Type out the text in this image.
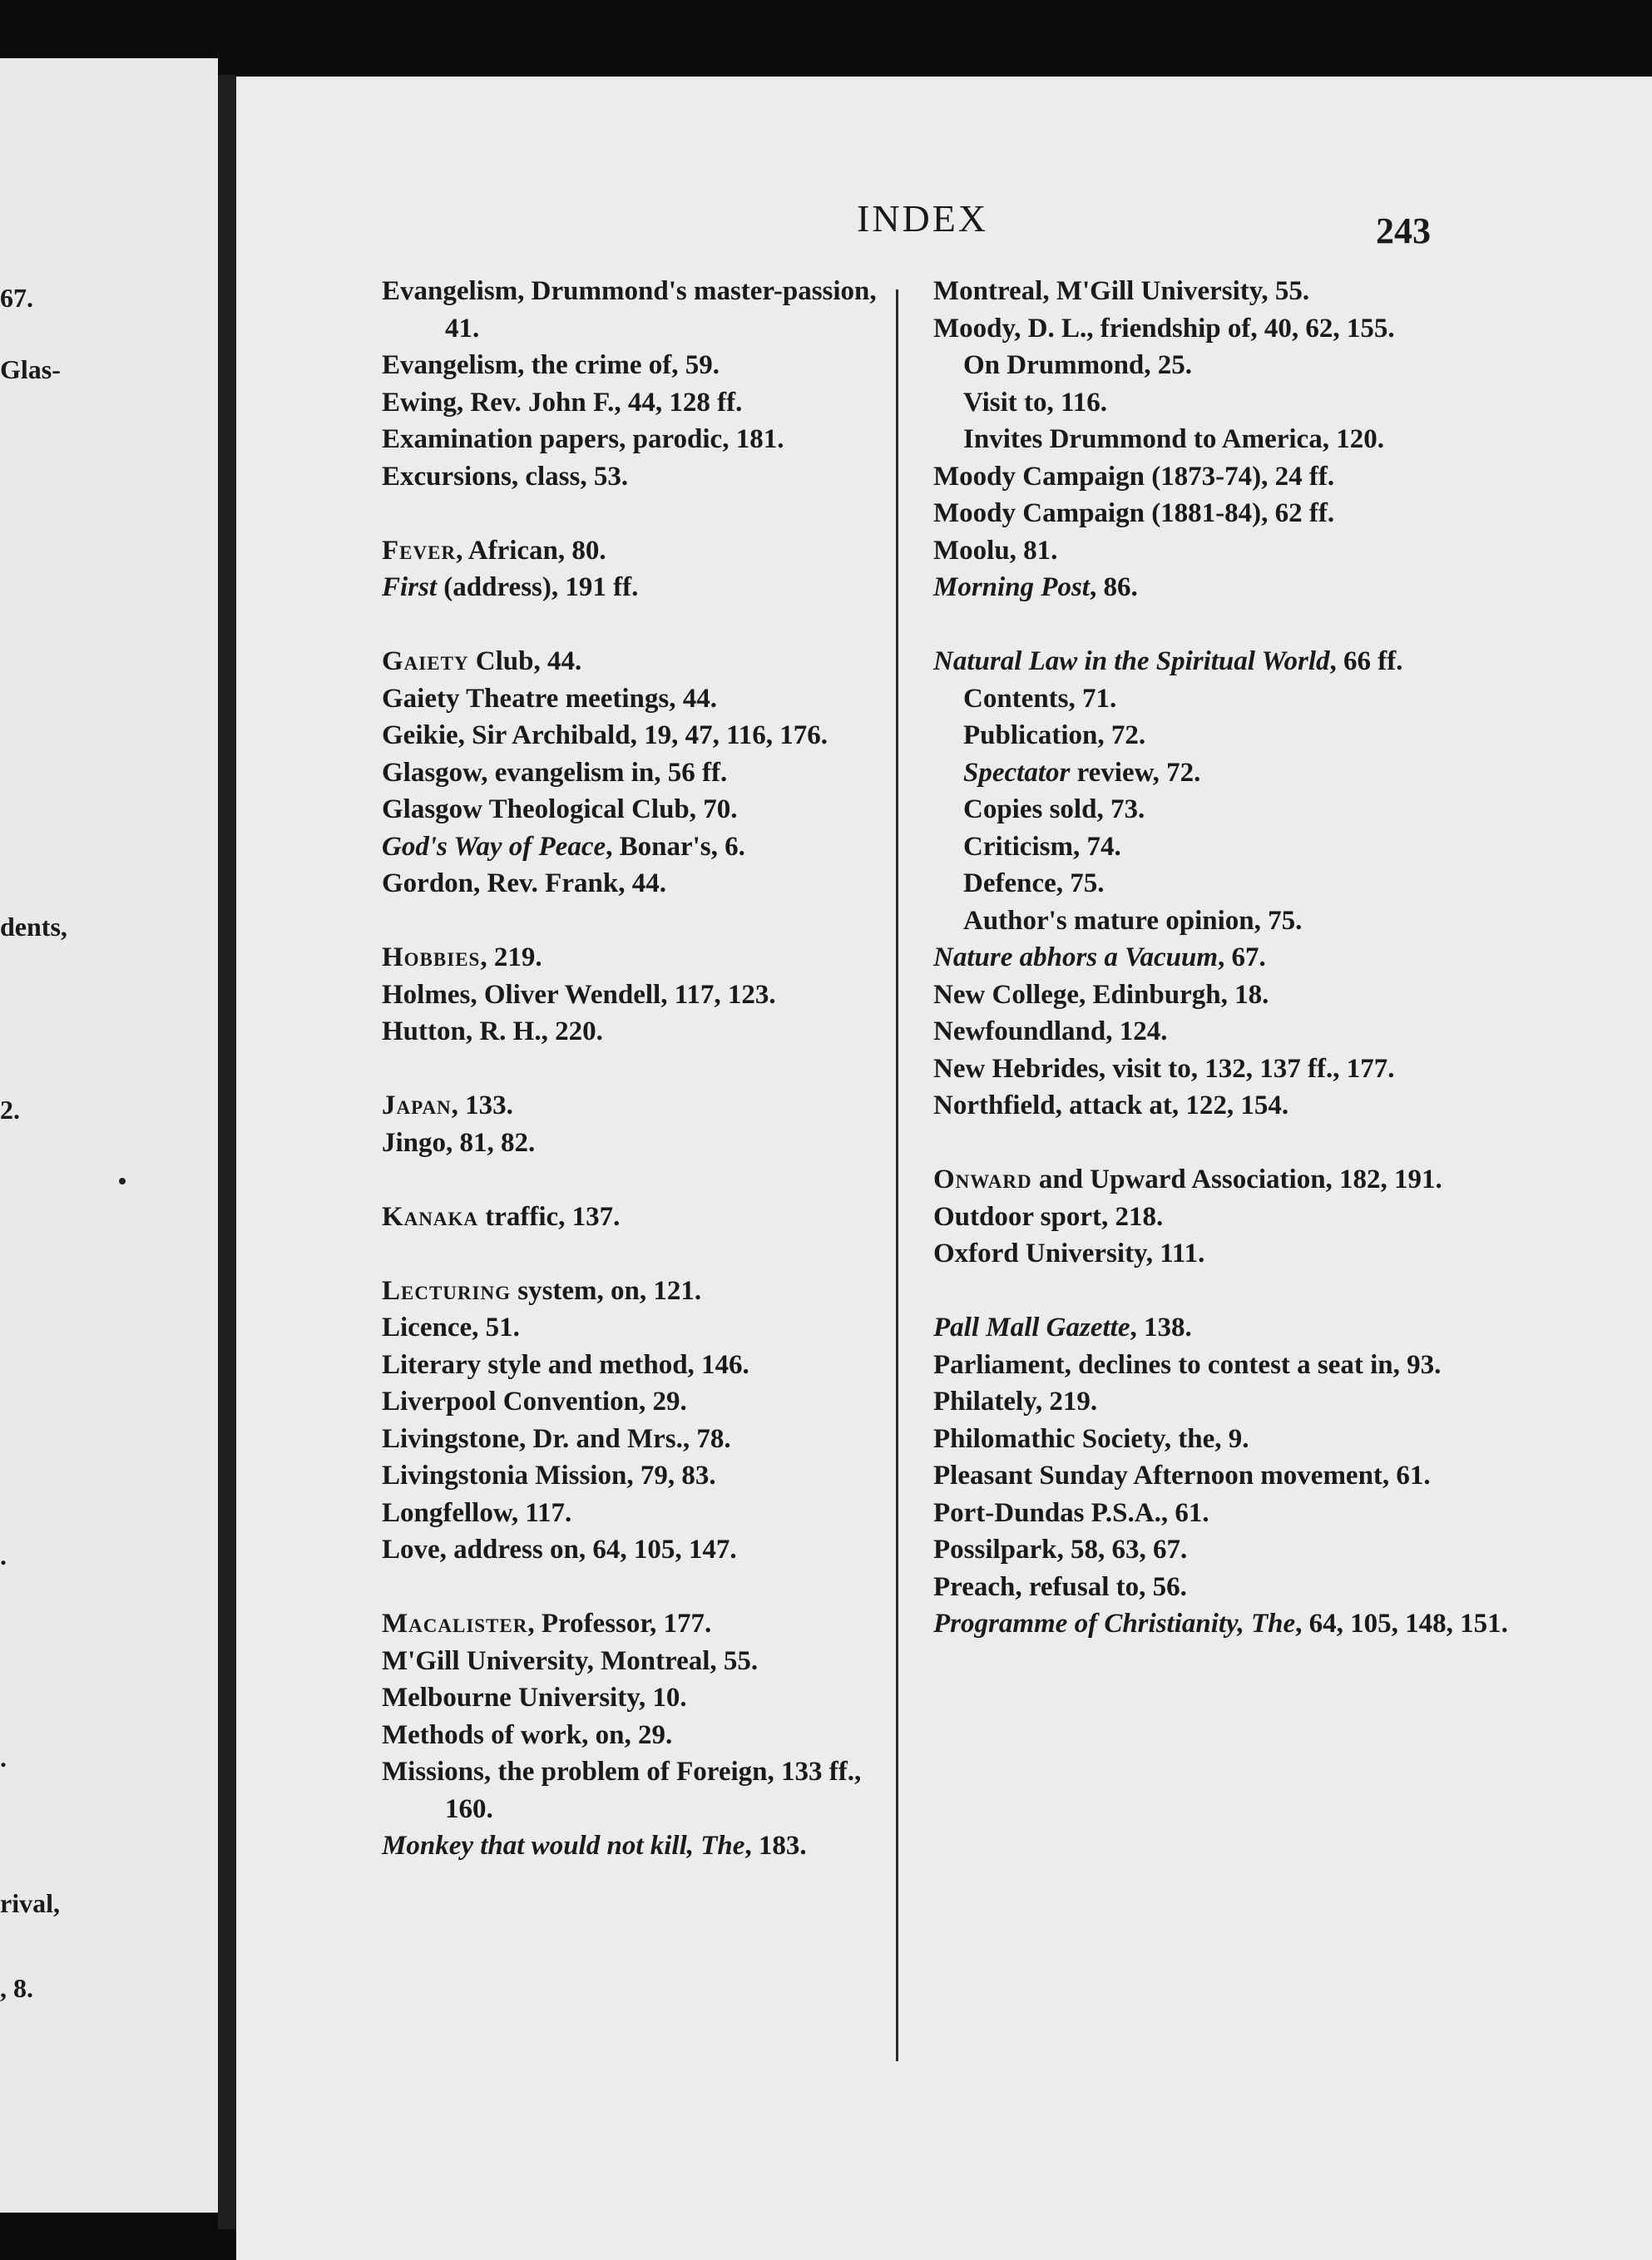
67.
Glas-
dents,
2.
.
.
rival,
, 8.
INDEX	243

Evangelism, Drummond's master-passion, 41.

Evangelism, the crime of, 59.

Ewing, Rev. John F., 44, 128 ff.

Examination papers, parodic, 181.

Excursions, class, 53.

Fever, African, 80.

First (address), 191 ff.

Gaiety Club, 44.

Gaiety Theatre meetings, 44.

Geikie, Sir Archibald, 19, 47, 116, 176.

Glasgow, evangelism in, 56 ff.

Glasgow Theological Club, 70.

God's Way of Peace, Bonar's, 6.

Gordon, Rev. Frank, 44.

Hobbies, 219.

Holmes, Oliver Wendell, 117, 123.

Hutton, R. H., 220.

Japan, 133.

Jingo, 81, 82.

Kanaka traffic, 137.

Lecturing system, on, 121.

Licence, 51.

Literary style and method, 146.

Liverpool Convention, 29.

Livingstone, Dr. and Mrs., 78.

Livingstonia Mission, 79, 83.

Longfellow, 117.

Love, address on, 64, 105, 147.

Macalister, Professor, 177.

M'Gill University, Montreal, 55.

Melbourne University, 10.

Methods of work, on, 29.

Missions, the problem of Foreign, 133 ff., 160.

Monkey that would not kill, The, 183.

Montreal, M'Gill University, 55.

Moody, D. L., friendship of, 40, 62, 155.

On Drummond, 25.

Visit to, 116.

Invites Drummond to America, 120.

Moody Campaign (1873-74), 24 ff.

Moody Campaign (1881-84), 62 ff.

Moolu, 81.

Morning Post, 86.

Natural Law in the Spiritual World, 66 ff.

Contents, 71.

Publication, 72.

Spectator review, 72.

Copies sold, 73.

Criticism, 74.

Defence, 75.

Author's mature opinion, 75.

Nature abhors a Vacuum, 67.

New College, Edinburgh, 18.

Newfoundland, 124.

New Hebrides, visit to, 132, 137 ff., 177.

Northfield, attack at, 122, 154.

Onward and Upward Association, 182, 191.

Outdoor sport, 218.

Oxford University, 111.

Pall Mall Gazette, 138.

Parliament, declines to contest a seat in, 93.

Philately, 219.

Philomathic Society, the, 9.

Pleasant Sunday Afternoon movement, 61.

Port-Dundas P.S.A., 61.

Possilpark, 58, 63, 67.

Preach, refusal to, 56.

Programme of Christianity, The, 64, 105, 148, 151.
